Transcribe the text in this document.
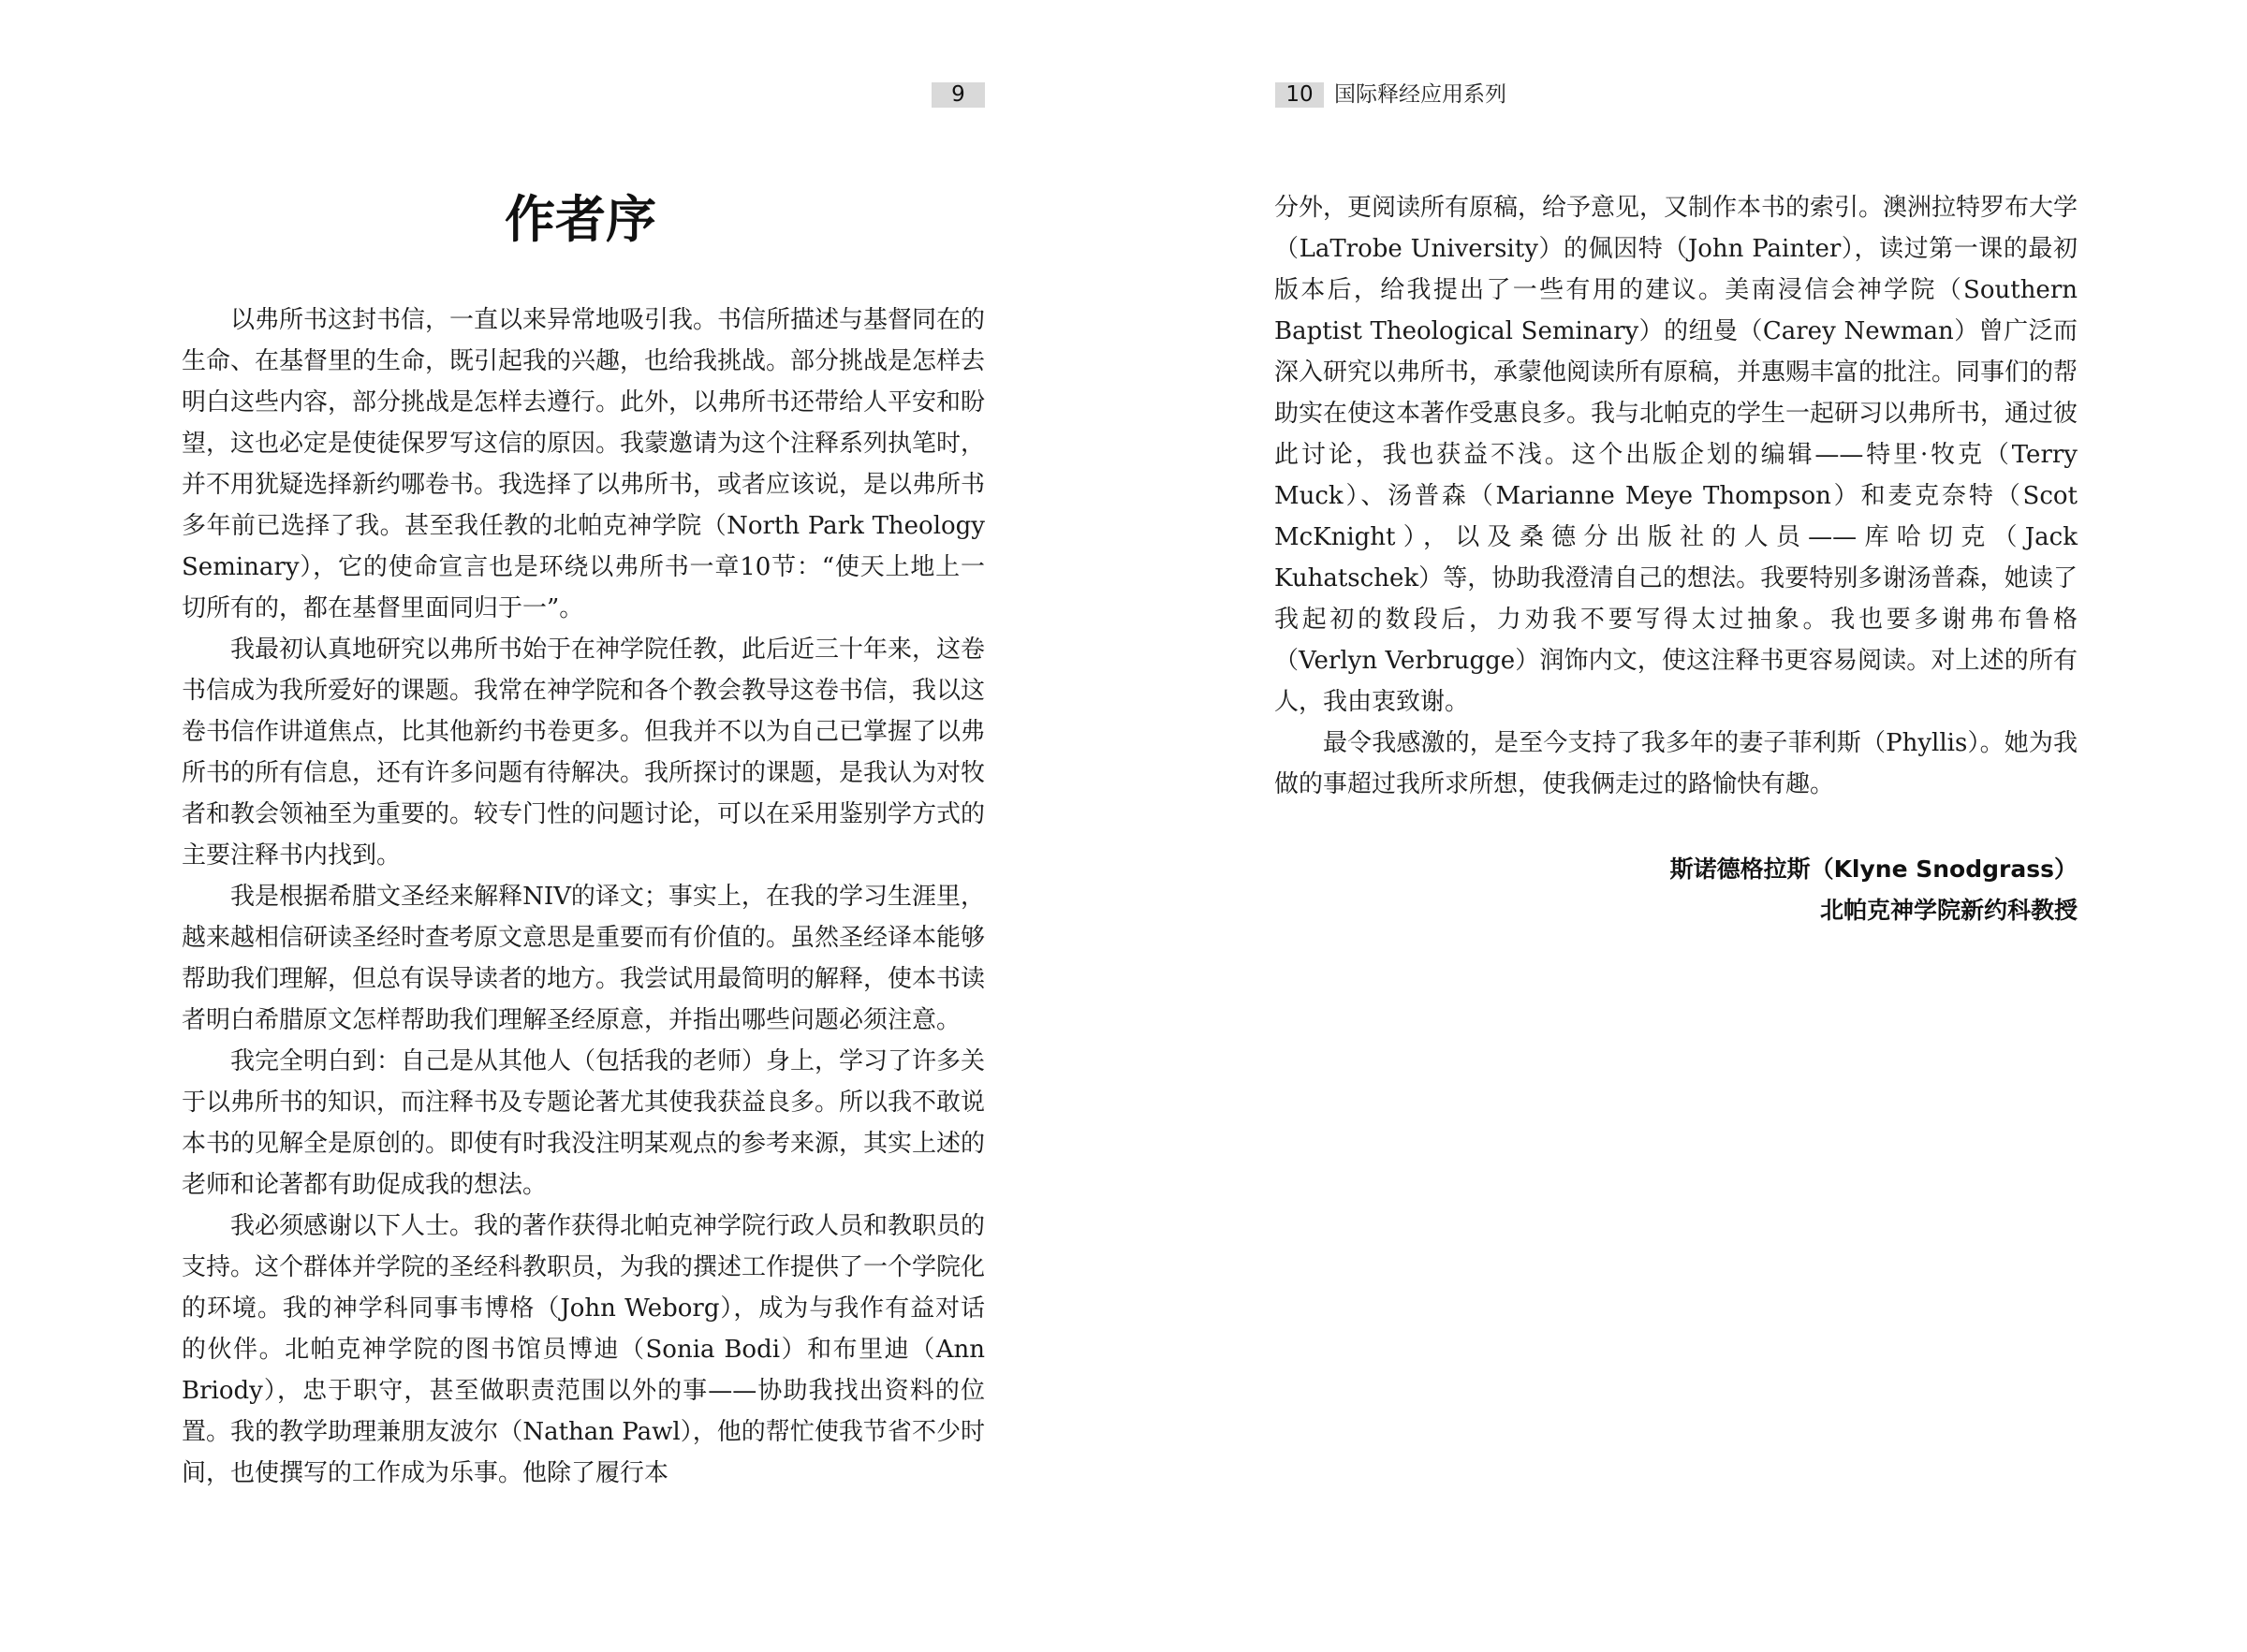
9
作者序

以弗所书这封书信，一直以来异常地吸引我。书信所描述与基督同在的生命、在基督里的生命，既引起我的兴趣，也给我挑战。部分挑战是怎样去明白这些内容，部分挑战是怎样去遵行。此外，以弗所书还带给人平安和盼望，这也必定是使徒保罗写这信的原因。我蒙邀请为这个注释系列执笔时，并不用犹疑选择新约哪卷书。我选择了以弗所书，或者应该说，是以弗所书多年前已选择了我。甚至我任教的北帕克神学院（North Park Theology Seminary），它的使命宣言也是环绕以弗所书一章10节：“使天上地上一切所有的，都在基督里面同归于一”。

我最初认真地研究以弗所书始于在神学院任教，此后近三十年来，这卷书信成为我所爱好的课题。我常在神学院和各个教会教导这卷书信，我以这卷书信作讲道焦点，比其他新约书卷更多。但我并不以为自己已掌握了以弗所书的所有信息，还有许多问题有待解决。我所探讨的课题，是我认为对牧者和教会领袖至为重要的。较专门性的问题讨论，可以在采用鉴别学方式的主要注释书内找到。

我是根据希腊文圣经来解释NIV的译文；事实上，在我的学习生涯里，越来越相信研读圣经时查考原文意思是重要而有价值的。虽然圣经译本能够帮助我们理解，但总有误导读者的地方。我尝试用最简明的解释，使本书读者明白希腊原文怎样帮助我们理解圣经原意，并指出哪些问题必须注意。

我完全明白到：自己是从其他人（包括我的老师）身上，学习了许多关于以弗所书的知识，而注释书及专题论著尤其使我获益良多。所以我不敢说本书的见解全是原创的。即使有时我没注明某观点的参考来源，其实上述的老师和论著都有助促成我的想法。

我必须感谢以下人士。我的著作获得北帕克神学院行政人员和教职员的支持。这个群体并学院的圣经科教职员，为我的撰述工作提供了一个学院化的环境。我的神学科同事韦博格（John Weborg），成为与我作有益对话的伙伴。北帕克神学院的图书馆员博迪（Sonia Bodi）和布里迪（Ann Briody），忠于职守，甚至做职责范围以外的事——协助我找出资料的位置。我的教学助理兼朋友波尔（Nathan Pawl），他的帮忙使我节省不少时间，也使撰写的工作成为乐事。他除了履行本

10 国际释经应用系列

分外，更阅读所有原稿，给予意见，又制作本书的索引。澳洲拉特罗布大学（LaTrobe University）的佩因特（John Painter），读过第一课的最初版本后，给我提出了一些有用的建议。美南浸信会神学院（Southern Baptist Theological Seminary）的纽曼（Carey Newman）曾广泛而深入研究以弗所书，承蒙他阅读所有原稿，并惠赐丰富的批注。同事们的帮助实在使这本著作受惠良多。我与北帕克的学生一起研习以弗所书，通过彼此讨论，我也获益不浅。这个出版企划的编辑——特里·牧克（Terry Muck）、汤普森（Marianne Meye Thompson）和麦克奈特（Scot McKnight），以及桑德分出版社的人员——库哈切克（Jack Kuhatschek）等，协助我澄清自己的想法。我要特别多谢汤普森，她读了我起初的数段后，力劝我不要写得太过抽象。我也要多谢弗布鲁格（Verlyn Verbrugge）润饰内文，使这注释书更容易阅读。对上述的所有人，我由衷致谢。

最令我感激的，是至今支持了我多年的妻子菲利斯（Phyllis）。她为我做的事超过我所求所想，使我俩走过的路愉快有趣。

斯诺德格拉斯（Klyne Snodgrass）
北帕克神学院新约科教授
